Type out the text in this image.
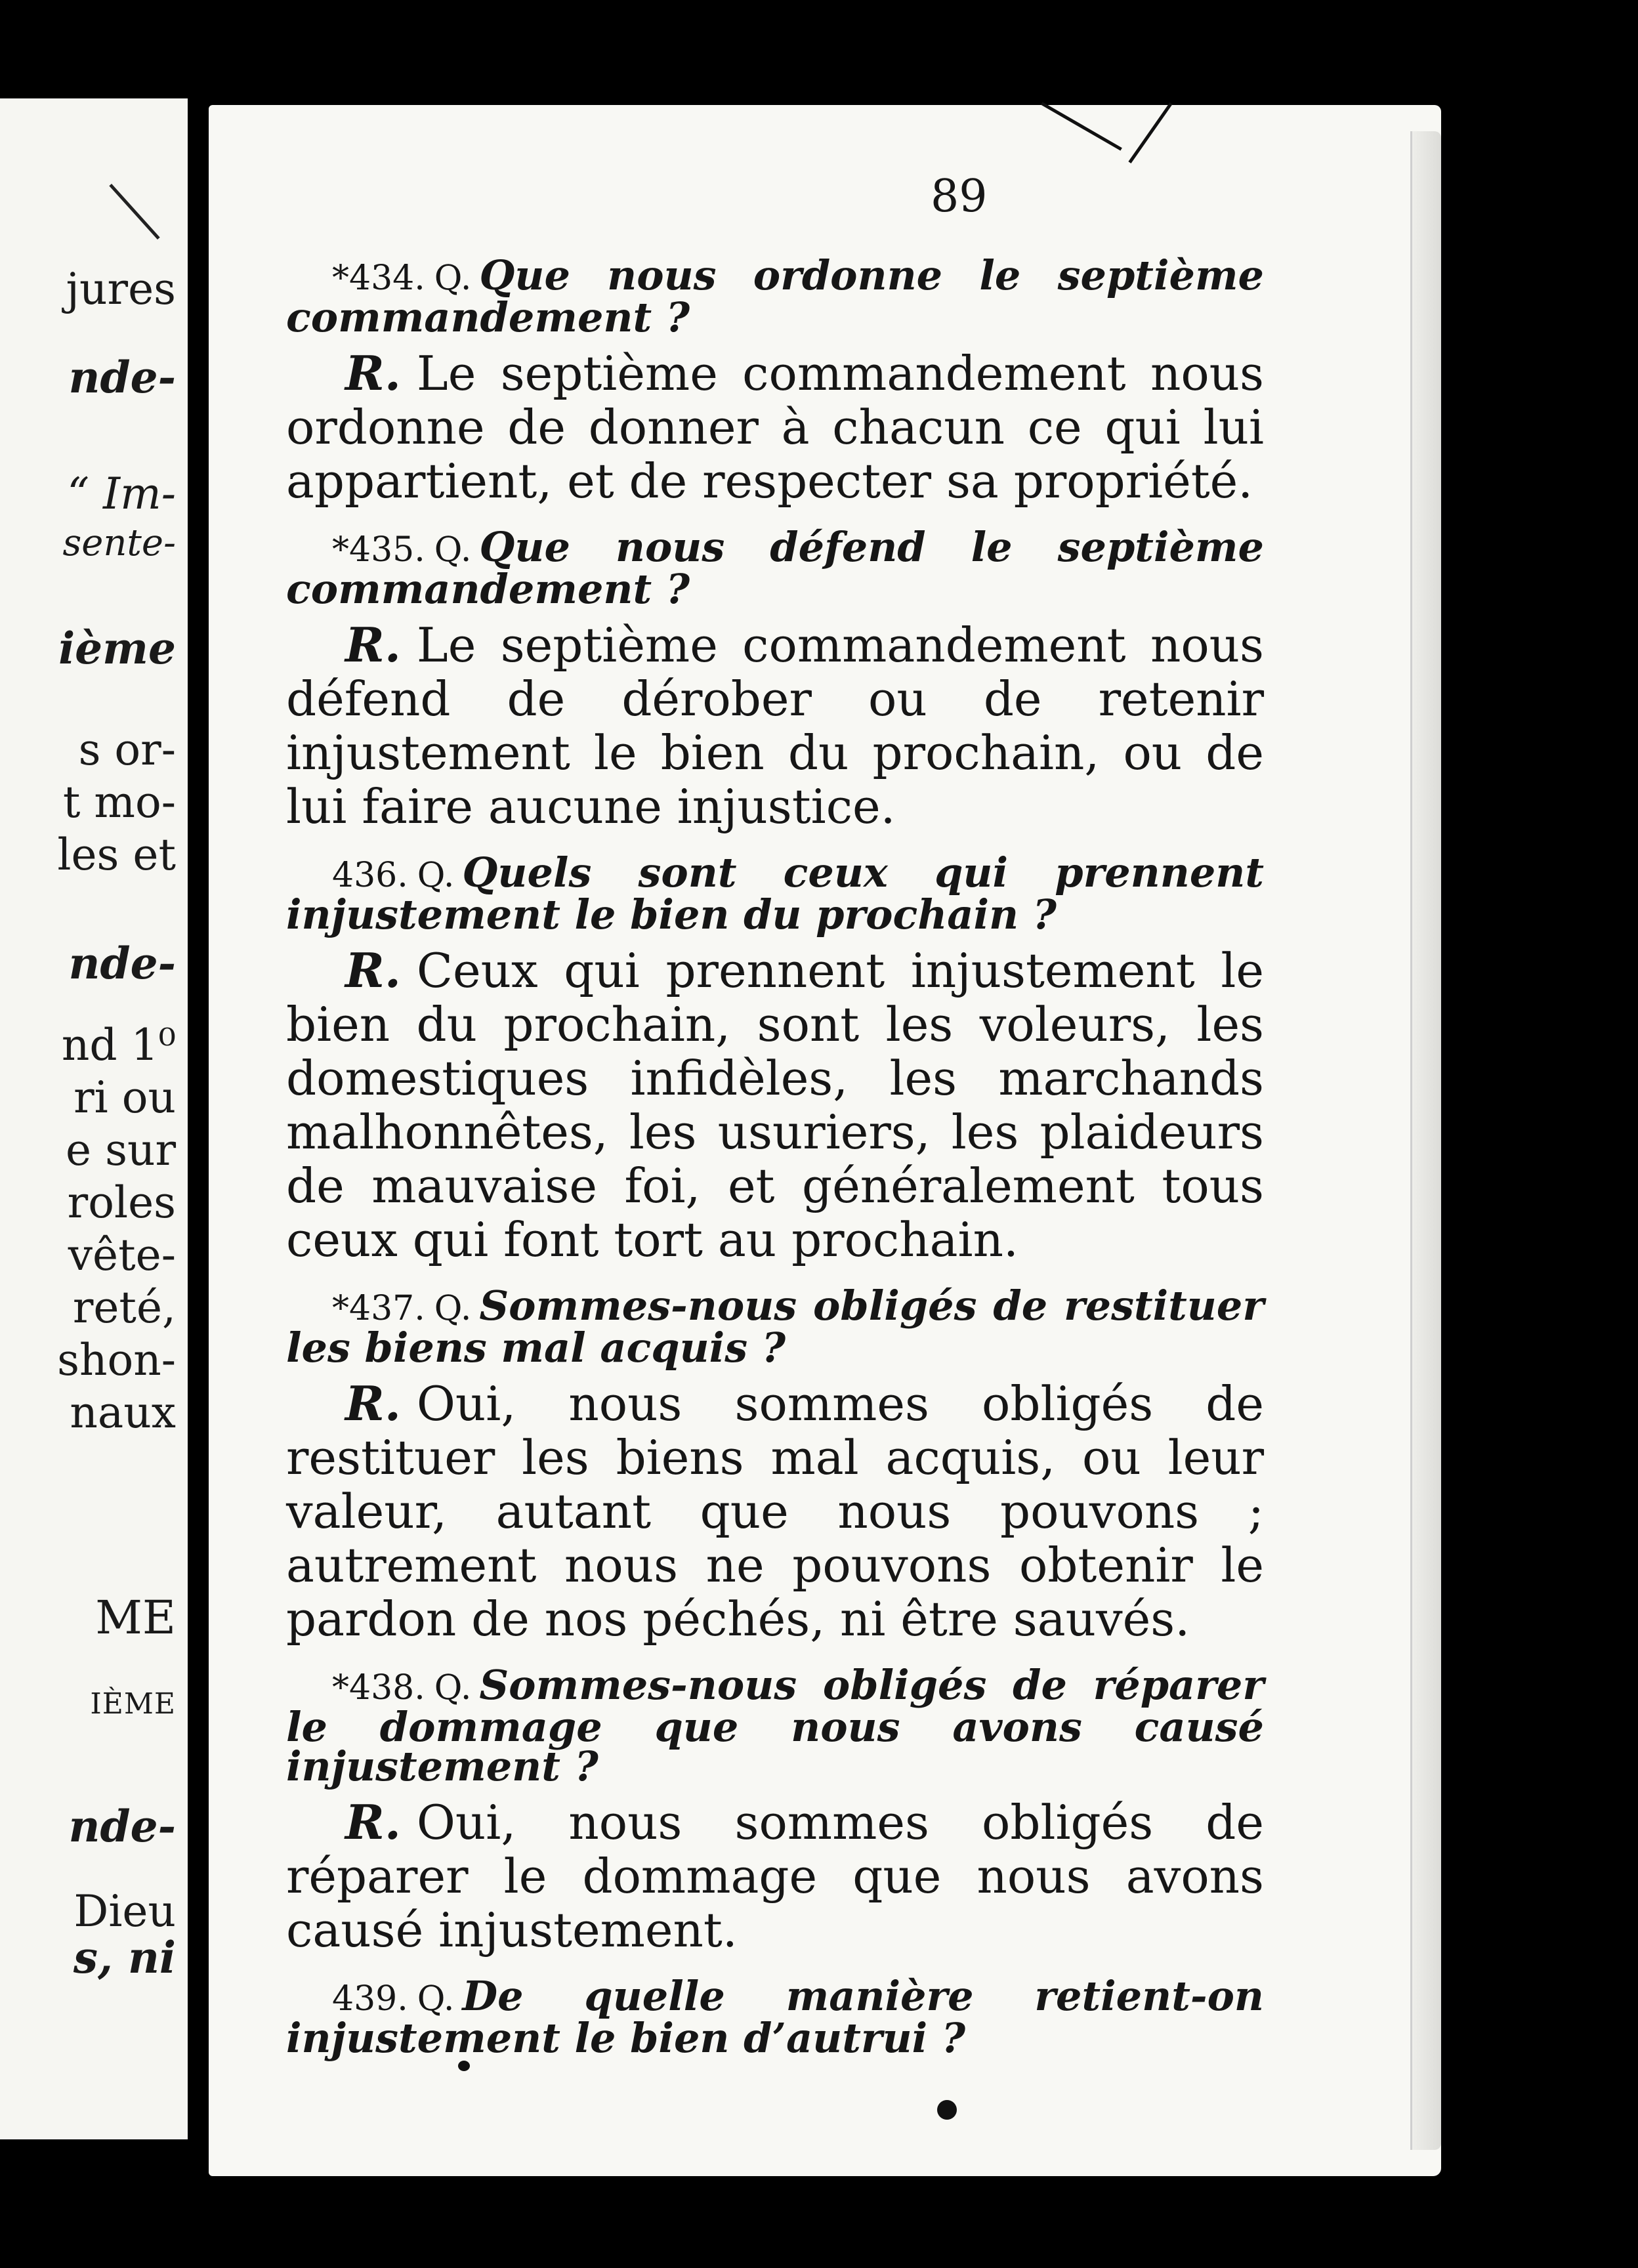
jures
nde-
“ Im-
sente-
ième
s or-
t mo-
les et
nde-
nd 1⁰
ri ou
e sur
roles
vête-
reté,
shon-
naux
ME
IÈME
nde-
Dieu
s, ni
89

*434. Q. Que nous ordonne le septième commandement ?

R. Le septième commandement nous ordonne de donner à chacun ce qui lui appartient, et de respecter sa propriété.

*435. Q. Que nous défend le septième commandement ?

R. Le septième commandement nous défend de dérober ou de retenir injustement le bien du prochain, ou de lui faire aucune injustice.

436. Q. Quels sont ceux qui prennent injustement le bien du prochain ?

R. Ceux qui prennent injustement le bien du prochain, sont les voleurs, les domestiques infidèles, les marchands malhonnêtes, les usuriers, les plaideurs de mauvaise foi, et généralement tous ceux qui font tort au prochain.

*437. Q. Sommes-nous obligés de restituer les biens mal acquis ?

R. Oui, nous sommes obligés de restituer les biens mal acquis, ou leur valeur, autant que nous pouvons ; autrement nous ne pouvons obtenir le pardon de nos péchés, ni être sauvés.

*438. Q. Sommes-nous obligés de réparer le dommage que nous avons causé injustement ?

R. Oui, nous sommes obligés de réparer le dommage que nous avons causé injustement.

439. Q. De quelle manière retient-on injustement le bien d’autrui ?
